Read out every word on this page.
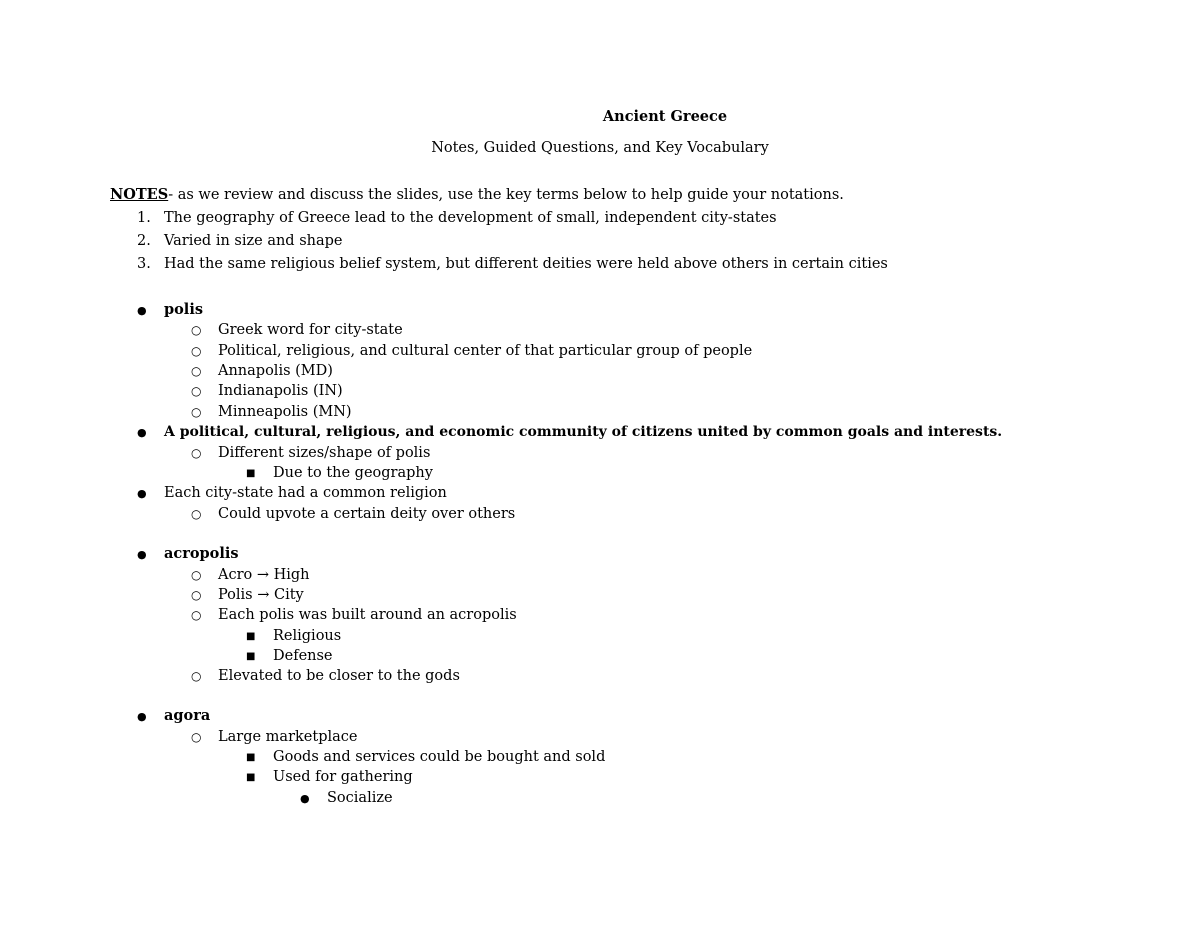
Ancient Greece
Notes, Guided Questions, and Key Vocabulary
NOTES- as we review and discuss the slides, use the key terms below to help guide your notations.
1. The geography of Greece lead to the development of small, independent city-states
2. Varied in size and shape
3. Had the same religious belief system, but different deities were held above others in certain cities
● polis
○ Greek word for city-state
○ Political, religious, and cultural center of that particular group of people
○ Annapolis (MD)
○ Indianapolis (IN)
○ Minneapolis (MN)
● A political, cultural, religious, and economic community of citizens united by common goals and interests.
○ Different sizes/shape of polis
■ Due to the geography
● Each city-state had a common religion
○ Could upvote a certain deity over others
● acropolis
○ Acro → High
○ Polis → City
○ Each polis was built around an acropolis
■ Religious
■ Defense
○ Elevated to be closer to the gods
● agora
○ Large marketplace
■ Goods and services could be bought and sold
■ Used for gathering
● Socialize
